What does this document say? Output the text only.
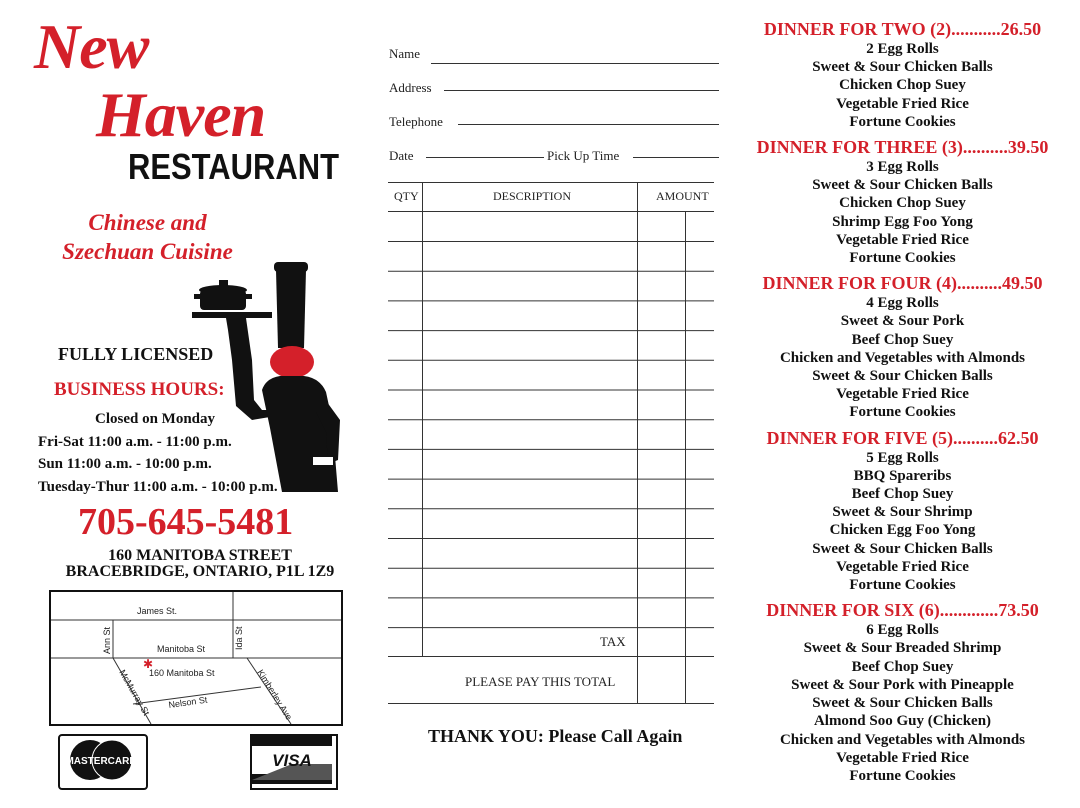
New
Haven
RESTAURANT
Chinese and
Szechuan Cuisine
FULLY LICENSED
BUSINESS HOURS:
Closed on Monday
Fri-Sat 11:00 a.m. - 11:00 p.m.
Sun 11:00 a.m. - 10:00 p.m.
Tuesday-Thur 11:00 a.m. - 10:00 p.m.
705-645-5481
160 MANITOBA STREET
BRACEBRIDGE, ONTARIO, P1L 1Z9
James St.
Manitoba St
Ann St	Ida St
160 Manitoba St
✱
McMurray St Nelson St	Kimberley Ave
MASTERCARD	VISA
Name
Address
Telephone
Date	Pick Up Time
QTY	DESCRIPTION	AMOUNT
TAX
PLEASE PAY THIS TOTAL
THANK YOU: Please Call Again
DINNER FOR TWO (2)...........26.50
2 Egg Rolls
Sweet & Sour Chicken Balls
Chicken Chop Suey
Vegetable Fried Rice
Fortune Cookies
DINNER FOR THREE (3)..........39.50
3 Egg Rolls
Sweet & Sour Chicken Balls
Chicken Chop Suey
Shrimp Egg Foo Yong
Vegetable Fried Rice
Fortune Cookies
DINNER FOR FOUR (4)..........49.50
4 Egg Rolls
Sweet & Sour Pork
Beef Chop Suey
Chicken and Vegetables with Almonds
Sweet & Sour Chicken Balls
Vegetable Fried Rice
Fortune Cookies
DINNER FOR FIVE (5)..........62.50
5 Egg Rolls
BBQ Spareribs
Beef Chop Suey
Sweet & Sour Shrimp
Chicken Egg Foo Yong
Sweet & Sour Chicken Balls
Vegetable Fried Rice
Fortune Cookies
DINNER FOR SIX (6).............73.50
6 Egg Rolls
Sweet & Sour Breaded Shrimp
Beef Chop Suey
Sweet & Sour Pork with Pineapple
Sweet & Sour Chicken Balls
Almond Soo Guy (Chicken)
Chicken and Vegetables with Almonds
Vegetable Fried Rice
Fortune Cookies
